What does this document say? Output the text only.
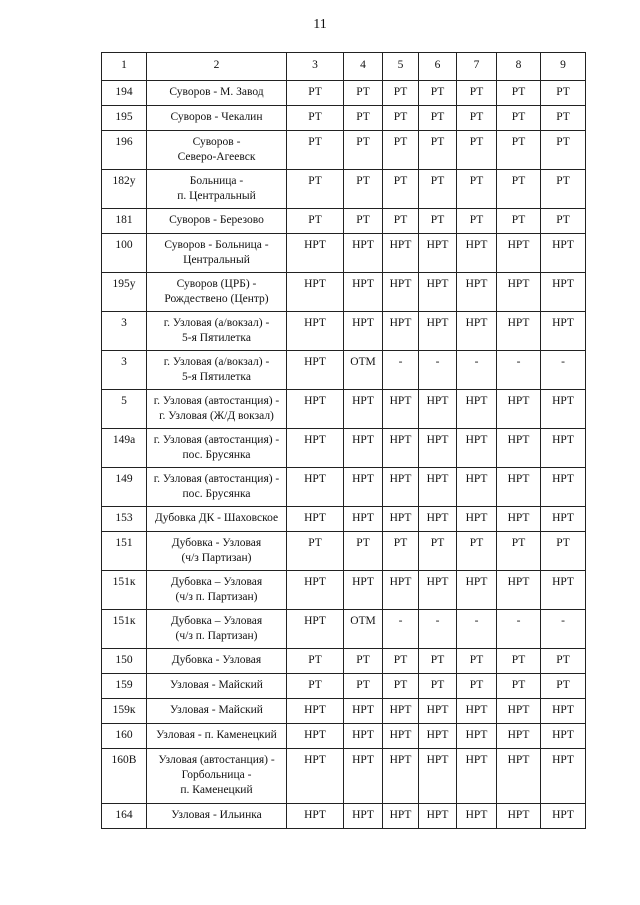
11
1	2	3	4	5	6	7	8	9
194	Суворов - М. Завод	РТ	РТ	РТ	РТ	РТ	РТ	РТ
195	Суворов - Чекалин	РТ	РТ	РТ	РТ	РТ	РТ	РТ
196	Суворов -
Северо-Агеевск	РТ	РТ	РТ	РТ	РТ	РТ	РТ
182у	Больница -
п. Центральный	РТ	РТ	РТ	РТ	РТ	РТ	РТ
181	Суворов - Березово	РТ	РТ	РТ	РТ	РТ	РТ	РТ
100	Суворов - Больница -
Центральный	НРТ	НРТ	НРТ	НРТ	НРТ	НРТ	НРТ
195у	Суворов (ЦРБ) -
Рождествено (Центр)	НРТ	НРТ	НРТ	НРТ	НРТ	НРТ	НРТ
3	г. Узловая (а/вокзал) -
5-я Пятилетка	НРТ	НРТ	НРТ	НРТ	НРТ	НРТ	НРТ
3	г. Узловая (а/вокзал) -
5-я Пятилетка	НРТ	ОТМ	-	-	-	-	-
5	г. Узловая (автостанция) -
г. Узловая (Ж/Д вокзал)	НРТ	НРТ	НРТ	НРТ	НРТ	НРТ	НРТ
149а	г. Узловая (автостанция) -
пос. Брусянка	НРТ	НРТ	НРТ	НРТ	НРТ	НРТ	НРТ
149	г. Узловая (автостанция) -
пос. Брусянка	НРТ	НРТ	НРТ	НРТ	НРТ	НРТ	НРТ
153	Дубовка ДК - Шаховское	НРТ	НРТ	НРТ	НРТ	НРТ	НРТ	НРТ
151	Дубовка - Узловая
(ч/з Партизан)	РТ	РТ	РТ	РТ	РТ	РТ	РТ
151к	Дубовка – Узловая
(ч/з п. Партизан)	НРТ	НРТ	НРТ	НРТ	НРТ	НРТ	НРТ
151к	Дубовка – Узловая
(ч/з п. Партизан)	НРТ	ОТМ	-	-	-	-	-
150	Дубовка - Узловая	РТ	РТ	РТ	РТ	РТ	РТ	РТ
159	Узловая - Майский	РТ	РТ	РТ	РТ	РТ	РТ	РТ
159к	Узловая - Майский	НРТ	НРТ	НРТ	НРТ	НРТ	НРТ	НРТ
160	Узловая - п. Каменецкий	НРТ	НРТ	НРТ	НРТ	НРТ	НРТ	НРТ
160В	Узловая (автостанция) -
Горбольница -
п. Каменецкий	НРТ	НРТ	НРТ	НРТ	НРТ	НРТ	НРТ
164	Узловая - Ильинка	НРТ	НРТ	НРТ	НРТ	НРТ	НРТ	НРТ
